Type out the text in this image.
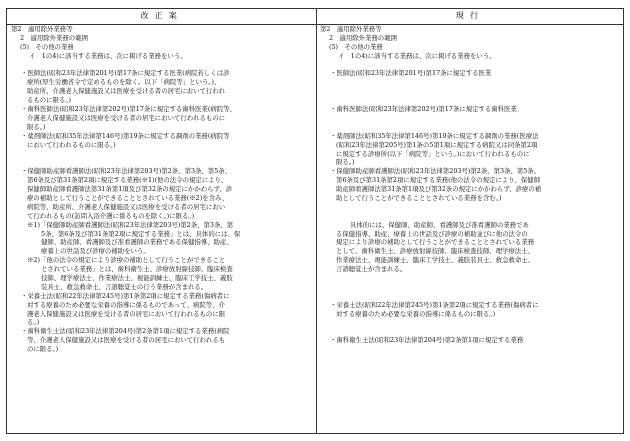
改正案	現行
第2　適用除外業務等
2　適用除外業務の範囲
(5)　その他の業務
イ　1の4)に該当する業務は、次に掲げる業務をいう。
・医師法(昭和23年法律第201号)第17条に規定する医業(病院若しくは診
療所(厚生労働省令で定めるものを除く。以下「病院等」という。)、
助産所、介護老人保健施設又は医療を受ける者の居宅において行われ
るものに限る。)
・歯科医師法(昭和23年法律第202号)第17条に規定する歯科医業(病院等、
介護老人保健施設又は医療を受ける者の居宅において行われるものに
限る。)
・薬剤師法(昭和35年法律第146号)第19条に規定する調剤の業務(病院等
において行われるものに限る。)
・保健師助産師看護師法(昭和23年法律第203号)第2条、第3条、第5条、
第6条及び第31条第2項に規定する業務(※1)(他の法令の規定により、
保健師助産師看護師法第31条第1項及び第32条の規定にかかわらず、診
療の補助として行うことができることとされている業務(※2)を含み、
病院等、助産所、介護老人保健施設又は医療を受ける者の居宅におい
て行われるもの(訪問入浴介護に係るものを除く。)に限る。)
※1)「保健師助産師看護師法(昭和23年法律第203号)第2条、第3条、第
5条、第6条及び第31条第2項に規定する業務」とは、具体的には、保
健師、助産師、看護師及び准看護師の業務である保健指導、助産、
療養上の世話及び診療の補助をいう。
※2)「他の法令の規定により診療の補助として行うことができること
とされている業務」とは、歯科衛生士、診療放射線技師、臨床検査
技師、理学療法士、作業療法士、視能訓練士、臨床工学技士、義肢
装具士、救急救命士、言語聴覚士の行う業務が含まれる。
・栄養士法(昭和22年法律第245号)第1条第2項に規定する業務(傷病者に
対する療養のため必要な栄養の指導に係るものであって、病院等、介
護老人保健施設又は医療を受ける者の居宅において行われるものに限
る。)
・歯科衛生士法(昭和23年法律第204号)第2条第1項に規定する業務(病院
等、介護老人保健施設又は医療を受ける者の居宅において行われるも
のに限る。)
第2　適用除外業務等
2　適用除外業務の範囲
(5)　その他の業務
イ　1の4)に該当する業務は、次に掲げる業務をいう。
・医師法(昭和23年法律第201号)第17条に規定する医業
・歯科医師法(昭和23年法律第202号)第17条に規定する歯科医業
・薬剤師法(昭和35年法律第146号)第19条に規定する調剤の業務(医療法
(昭和23年法律第205号)第1条の5第1項に規定する病院又は同条第2項
に規定する診療所(以下「病院等」という。)において行われるものに
限る。)
・保健師助産師看護師法(昭和23年法律第203号)第2条、第3条、第5条、
第6条及び第31条第2項に規定する業務(他の法令の規定により、保健師
助産師看護師法第31条第1項及び第32条の規定にかかわらず、診療の補
助として行うことができることとされている業務を含む。)
具体的には、保健師、助産師、看護師及び准看護師の業務であ
る保健指導、助産、療養上の世話及び診療の補助並びに他の法令の
規定により診療の補助として行うことができることとされている業務
として、歯科衛生士、診療放射線技師、臨床検査技師、理学療法士、
作業療法士、視能訓練士、臨床工学技士、義肢装具士、救急救命士、
言語聴覚士が含まれる。
・栄養士法(昭和22年法律第245号)第1条第2項に規定する業務(傷病者に
対する療養のため必要な栄養の指導に係るものに限る。)
・歯科衛生士法(昭和23年法律第204号)第2条第1項に規定する業務
